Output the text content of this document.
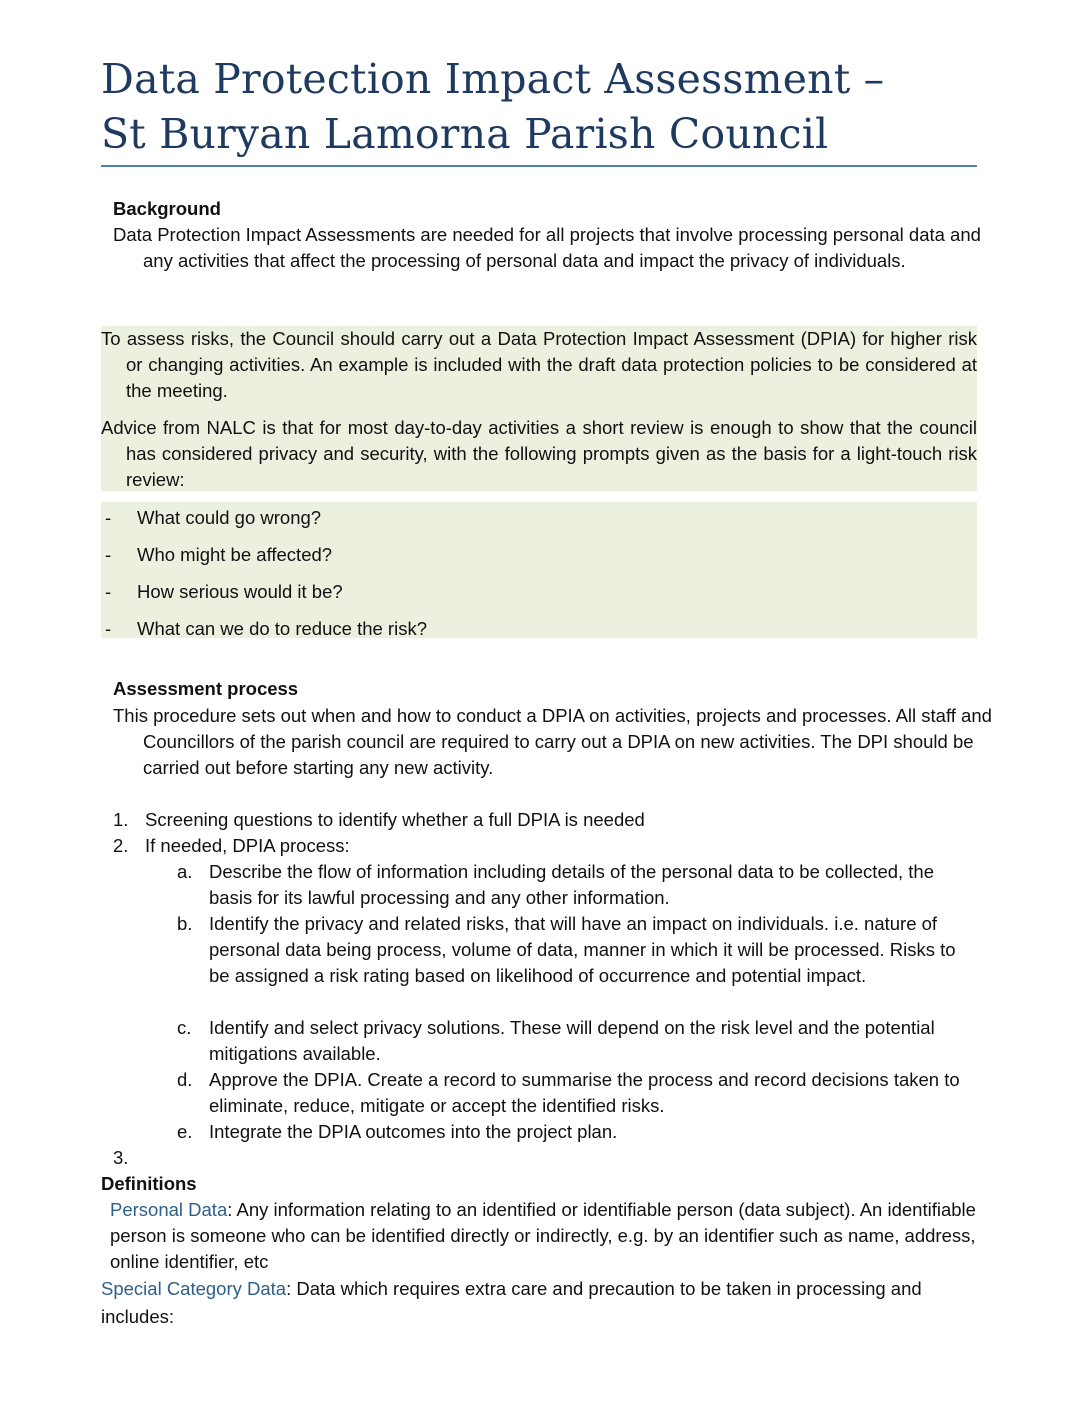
Data Protection Impact Assessment –
St Buryan Lamorna Parish Council
Background

Data Protection Impact Assessments are needed for all projects that involve processing personal data and any activities that affect the processing of personal data and impact the privacy of individuals.

To assess risks, the Council should carry out a Data Protection Impact Assessment (DPIA) for higher risk or changing activities. An example is included with the draft data protection policies to be considered at the meeting.

Advice from NALC is that for most day-to-day activities a short review is enough to show that the council has considered privacy and security, with the following prompts given as the basis for a light-touch risk review:

- What could go wrong?
- Who might be affected?
- How serious would it be?
- What can we do to reduce the risk?
Assessment process

This procedure sets out when and how to conduct a DPIA on activities, projects and processes. All staff and Councillors of the parish council are required to carry out a DPIA on new activities. The DPI should be carried out before starting any new activity.

1. Screening questions to identify whether a full DPIA is needed
2. If needed, DPIA process:
a. Describe the flow of information including details of the personal data to be collected, the basis for its lawful processing and any other information.
b. Identify the privacy and related risks, that will have an impact on individuals. i.e. nature of personal data being process, volume of data, manner in which it will be processed. Risks to be assigned a risk rating based on likelihood of occurrence and potential impact.
c. Identify and select privacy solutions. These will depend on the risk level and the potential mitigations available.
d. Approve the DPIA. Create a record to summarise the process and record decisions taken to eliminate, reduce, mitigate or accept the identified risks.
e. Integrate the DPIA outcomes into the project plan.
3.
Definitions

Personal Data: Any information relating to an identified or identifiable person (data subject). An identifiable person is someone who can be identified directly or indirectly, e.g. by an identifier such as name, address, online identifier, etc

Special Category Data: Data which requires extra care and precaution to be taken in processing and includes:
